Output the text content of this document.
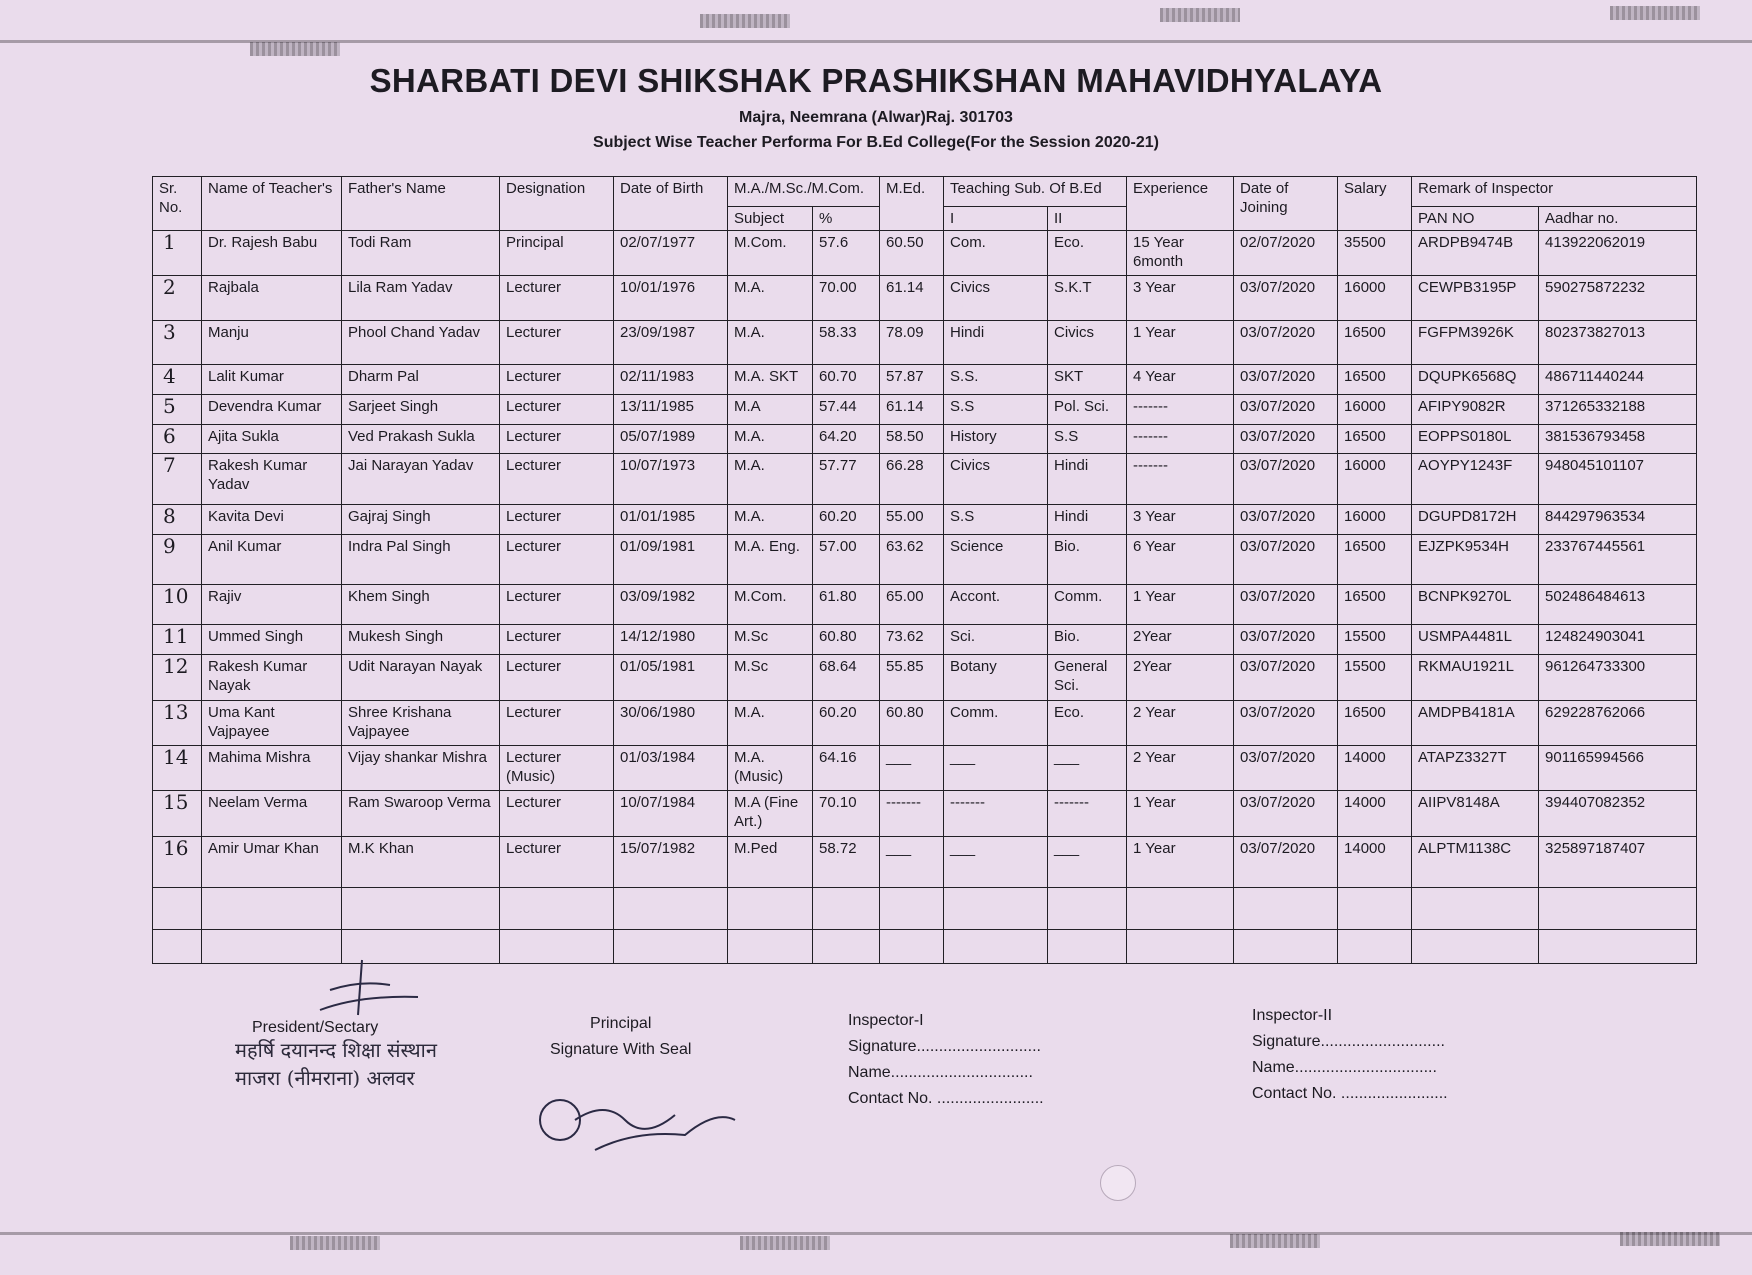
SHARBATI DEVI SHIKSHAK PRASHIKSHAN MAHAVIDHYALAYA
Majra, Neemrana (Alwar)Raj. 301703
Subject Wise Teacher Performa For B.Ed College(For the Session 2020-21)
Sr. No.	Name of Teacher's	Father's Name	Designation	Date of Birth	M.A./M.Sc./M.Com.		M.Ed.	Teaching Sub. Of B.Ed		Experience	Date of Joining	Salary	Remark of Inspector	
					Subject	%		I	II				PAN NO	Aadhar no.
1	Dr. Rajesh Babu	Todi Ram	Principal	02/07/1977	M.Com.	57.6	60.50	Com.	Eco.	15 Year 6month	02/07/2020	35500	ARDPB9474B	413922062019
2	Rajbala	Lila Ram Yadav	Lecturer	10/01/1976	M.A.	70.00	61.14	Civics	S.K.T	3 Year	03/07/2020	16000	CEWPB3195P	590275872232
3	Manju	Phool Chand Yadav	Lecturer	23/09/1987	M.A.	58.33	78.09	Hindi	Civics	1 Year	03/07/2020	16500	FGFPM3926K	802373827013
4	Lalit Kumar	Dharm Pal	Lecturer	02/11/1983	M.A. SKT	60.70	57.87	S.S.	SKT	4 Year	03/07/2020	16500	DQUPK6568Q	486711440244
5	Devendra Kumar	Sarjeet Singh	Lecturer	13/11/1985	M.A	57.44	61.14	S.S	Pol. Sci.	-------	03/07/2020	16000	AFIPY9082R	371265332188
6	Ajita Sukla	Ved Prakash Sukla	Lecturer	05/07/1989	M.A.	64.20	58.50	History	S.S	-------	03/07/2020	16500	EOPPS0180L	381536793458
7	Rakesh Kumar Yadav	Jai Narayan Yadav	Lecturer	10/07/1973	M.A.	57.77	66.28	Civics	Hindi	-------	03/07/2020	16000	AOYPY1243F	948045101107
8	Kavita Devi	Gajraj Singh	Lecturer	01/01/1985	M.A.	60.20	55.00	S.S	Hindi	3 Year	03/07/2020	16000	DGUPD8172H	844297963534
9	Anil Kumar	Indra Pal Singh	Lecturer	01/09/1981	M.A. Eng.	57.00	63.62	Science	Bio.	6 Year	03/07/2020	16500	EJZPK9534H	233767445561
10	Rajiv	Khem Singh	Lecturer	03/09/1982	M.Com.	61.80	65.00	Accont.	Comm.	1 Year	03/07/2020	16500	BCNPK9270L	502486484613
11	Ummed Singh	Mukesh Singh	Lecturer	14/12/1980	M.Sc	60.80	73.62	Sci.	Bio.	2Year	03/07/2020	15500	USMPA4481L	124824903041
12	Rakesh Kumar Nayak	Udit Narayan Nayak	Lecturer	01/05/1981	M.Sc	68.64	55.85	Botany	General Sci.	2Year	03/07/2020	15500	RKMAU1921L	961264733300
13	Uma Kant Vajpayee	Shree Krishana Vajpayee	Lecturer	30/06/1980	M.A.	60.20	60.80	Comm.	Eco.	2 Year	03/07/2020	16500	AMDPB4181A	629228762066
14	Mahima Mishra	Vijay shankar Mishra	Lecturer (Music)	01/03/1984	M.A. (Music)	64.16	___	___	___	2 Year	03/07/2020	14000	ATAPZ3327T	901165994566
15	Neelam Verma	Ram Swaroop Verma	Lecturer	10/07/1984	M.A (Fine Art.)	70.10	-------	-------	-------	1 Year	03/07/2020	14000	AIIPV8148A	394407082352
16	Amir Umar Khan	M.K Khan	Lecturer	15/07/1982	M.Ped	58.72	___	___	___	1 Year	03/07/2020	14000	ALPTM1138C	325897187407

President/Sectary
महर्षि दयानन्द शिक्षा संस्थान
माजरा (नीमराना) अलवर
Principal
Signature With Seal
Inspector-I
Signature............................
Name................................
Contact No. ........................
Inspector-II
Signature............................
Name................................
Contact No. ........................
